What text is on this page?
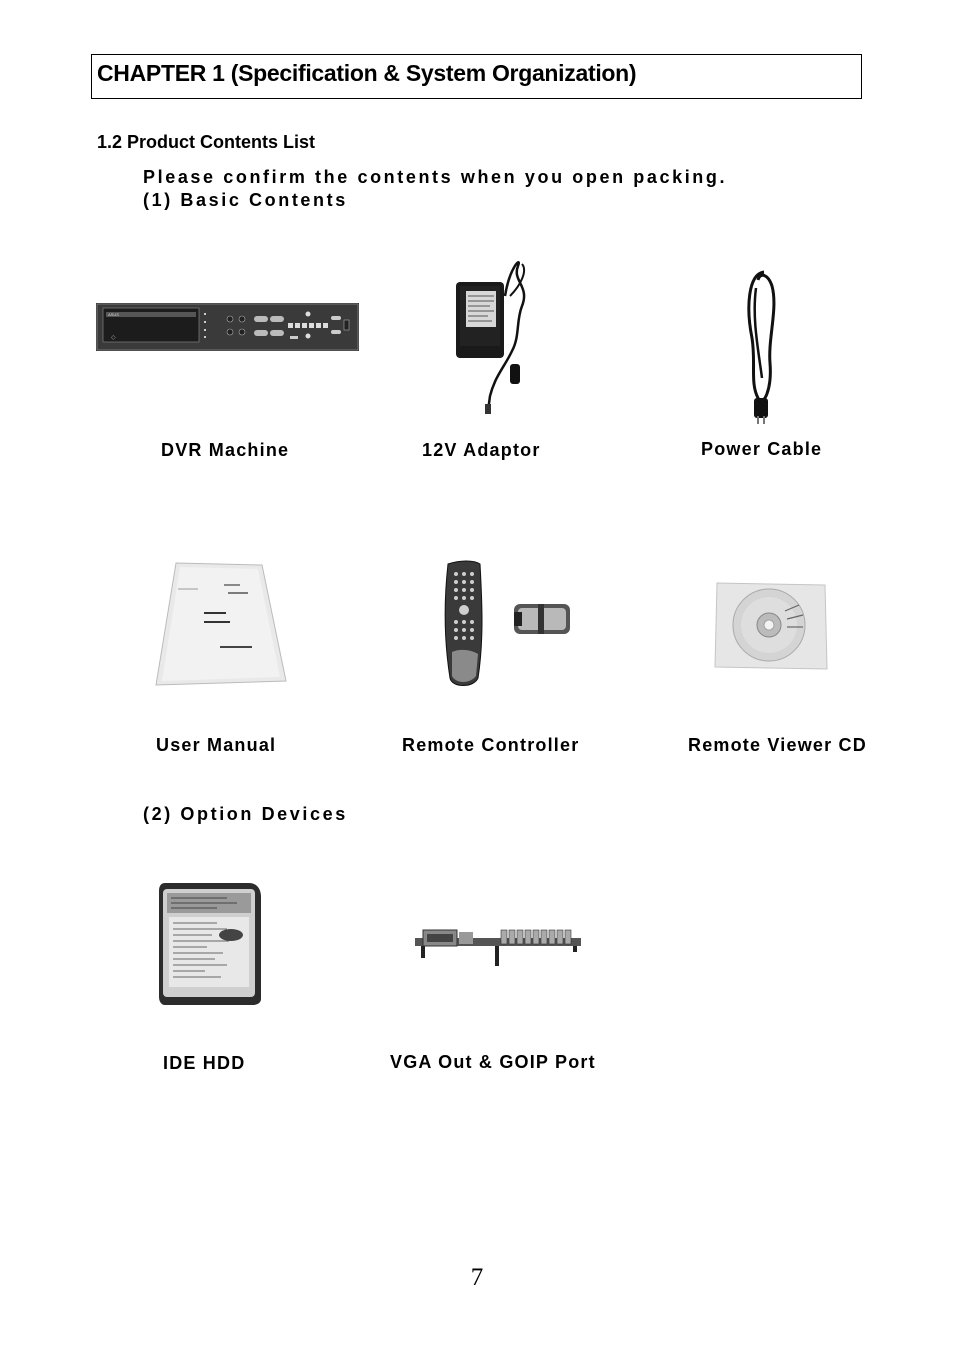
CHAPTER 1 (Specification & System Organization)
1.2 Product Contents List
Please confirm the contents when you open packing.
(1) Basic Contents
ASUS
◇
DVR Machine	12V Adaptor	Power Cable
User Manual	Remote Controller	Remote Viewer CD
(2) Option Devices
IDE HDD	VGA Out & GOIP Port
7
